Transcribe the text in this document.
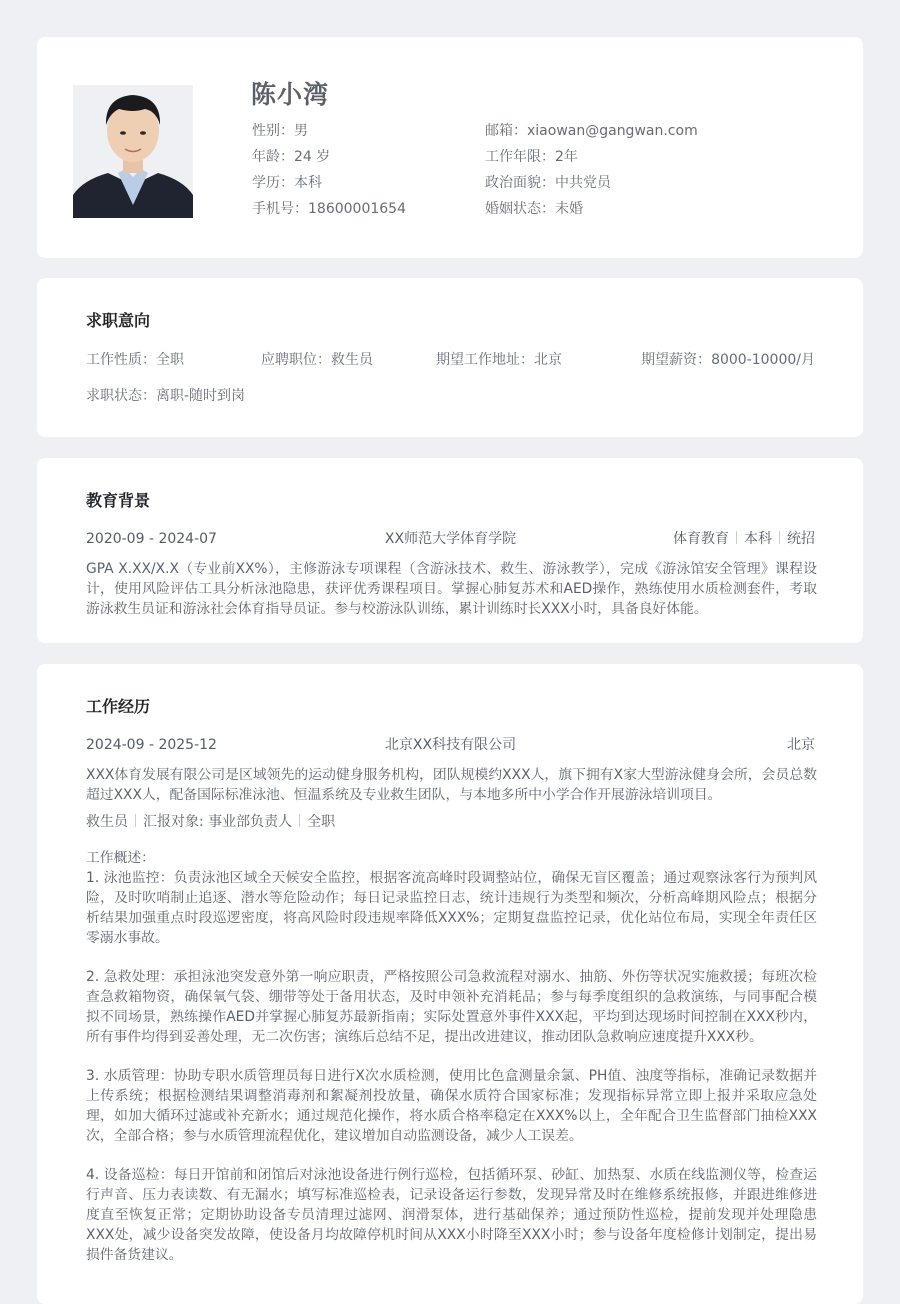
陈小湾
性别：男
年龄：24 岁
学历：本科
手机号：18600001654
邮箱：xiaowan@gangwan.com
工作年限：2年
政治面貌：中共党员
婚姻状态：未婚
求职意向
工作性质：全职	应聘职位：救生员	期望工作地址：北京	期望薪资：8000-10000/月
求职状态：离职-随时到岗
教育背景
2020-09 - 2024-07	XX师范大学体育学院	体育教育 本科 统招
GPA X.XX/X.X（专业前XX%），主修游泳专项课程（含游泳技术、救生、游泳教学），完成《游泳馆安全管理》课程设计，使用风险评估工具分析泳池隐患，获评优秀课程项目。掌握心肺复苏术和AED操作，熟练使用水质检测套件，考取游泳救生员证和游泳社会体育指导员证。参与校游泳队训练，累计训练时长XXX小时，具备良好体能。
工作经历
2024-09 - 2025-12	北京XX科技有限公司	北京
XXX体育发展有限公司是区域领先的运动健身服务机构，团队规模约XXX人，旗下拥有X家大型游泳健身会所，会员总数超过XXX人，配备国际标准泳池、恒温系统及专业救生团队，与本地多所中小学合作开展游泳培训项目。
救生员 汇报对象: 事业部负责人 全职
工作概述：
1. 泳池监控：负责泳池区域全天候安全监控，根据客流高峰时段调整站位，确保无盲区覆盖；通过观察泳客行为预判风险，及时吹哨制止追逐、潜水等危险动作；每日记录监控日志，统计违规行为类型和频次，分析高峰期风险点；根据分析结果加强重点时段巡逻密度，将高风险时段违规率降低XXX%；定期复盘监控记录，优化站位布局，实现全年责任区零溺水事故。
2. 急救处理：承担泳池突发意外第一响应职责，严格按照公司急救流程对溺水、抽筋、外伤等状况实施救援；每班次检查急救箱物资，确保氧气袋、绷带等处于备用状态，及时申领补充消耗品；参与每季度组织的急救演练，与同事配合模拟不同场景，熟练操作AED并掌握心肺复苏最新指南；实际处置意外事件XXX起，平均到达现场时间控制在XXX秒内，所有事件均得到妥善处理，无二次伤害；演练后总结不足，提出改进建议，推动团队急救响应速度提升XXX秒。
3. 水质管理：协助专职水质管理员每日进行X次水质检测，使用比色盒测量余氯、PH值、浊度等指标，准确记录数据并上传系统；根据检测结果调整消毒剂和絮凝剂投放量，确保水质符合国家标准；发现指标异常立即上报并采取应急处理，如加大循环过滤或补充新水；通过规范化操作，将水质合格率稳定在XXX%以上，全年配合卫生监督部门抽检XXX次，全部合格；参与水质管理流程优化，建议增加自动监测设备，减少人工误差。
4. 设备巡检：每日开馆前和闭馆后对泳池设备进行例行巡检，包括循环泵、砂缸、加热泵、水质在线监测仪等，检查运行声音、压力表读数、有无漏水；填写标准巡检表，记录设备运行参数，发现异常及时在维修系统报修，并跟进维修进度直至恢复正常；定期协助设备专员清理过滤网、润滑泵体，进行基础保养；通过预防性巡检，提前发现并处理隐患XXX处，减少设备突发故障，使设备月均故障停机时间从XXX小时降至XXX小时；参与设备年度检修计划制定，提出易损件备货建议。
